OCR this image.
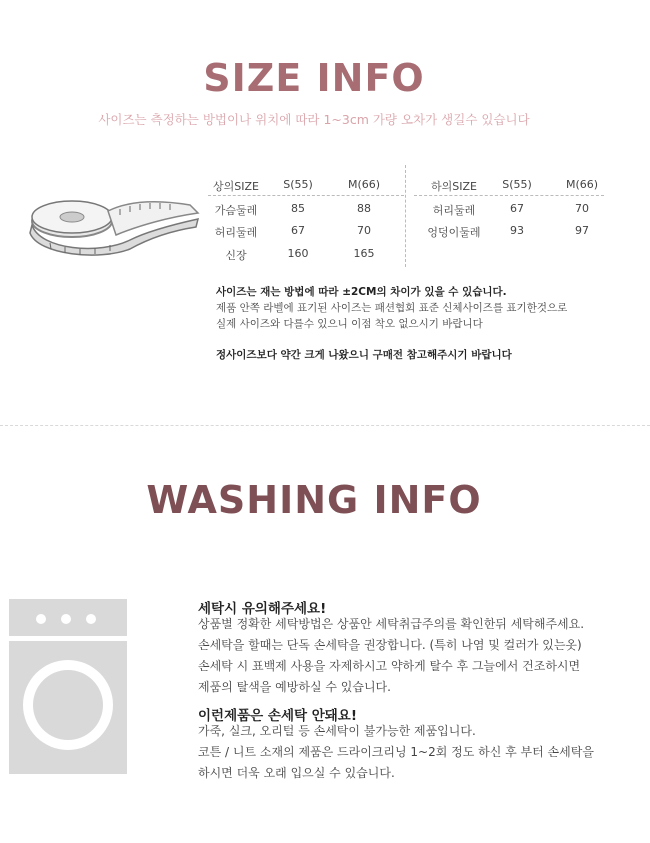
SIZE INFO
사이즈는 측정하는 방법이나 위치에 따라 1~3cm 가량 오차가 생길수 있습니다
상의SIZE	S(55)	M(66)
가슴둘레	85	88
허리둘레	67	70
신장	160	165
하의SIZE	S(55)	M(66)
허리둘레	67	70
엉덩이둘레	93	97
사이즈는 재는 방법에 따라 ±2CM의 차이가 있을 수 있습니다.
제품 안쪽 라벨에 표기된 사이즈는 패션협회 표준 신체사이즈를 표기한것으로
실제 사이즈와 다를수 있으니 이점 착오 없으시기 바랍니다
정사이즈보다 약간 크게 나왔으니 구매전 참고해주시기 바랍니다
WASHING INFO
세탁시 유의해주세요!
상품별 정확한 세탁방법은 상품안 세탁취급주의를 확인한뒤 세탁해주세요.
손세탁을 할때는 단독 손세탁을 권장합니다. (특히 나염 및 컬러가 있는옷)
손세탁 시 표백제 사용을 자제하시고 약하게 탈수 후 그늘에서 건조하시면
제품의 탈색을 예방하실 수 있습니다.
이런제품은 손세탁 안돼요!
가죽, 실크, 오리털 등 손세탁이 불가능한 제품입니다.
코튼 / 니트 소재의 제품은 드라이크리닝 1~2회 정도 하신 후 부터 손세탁을
하시면 더욱 오래 입으실 수 있습니다.
